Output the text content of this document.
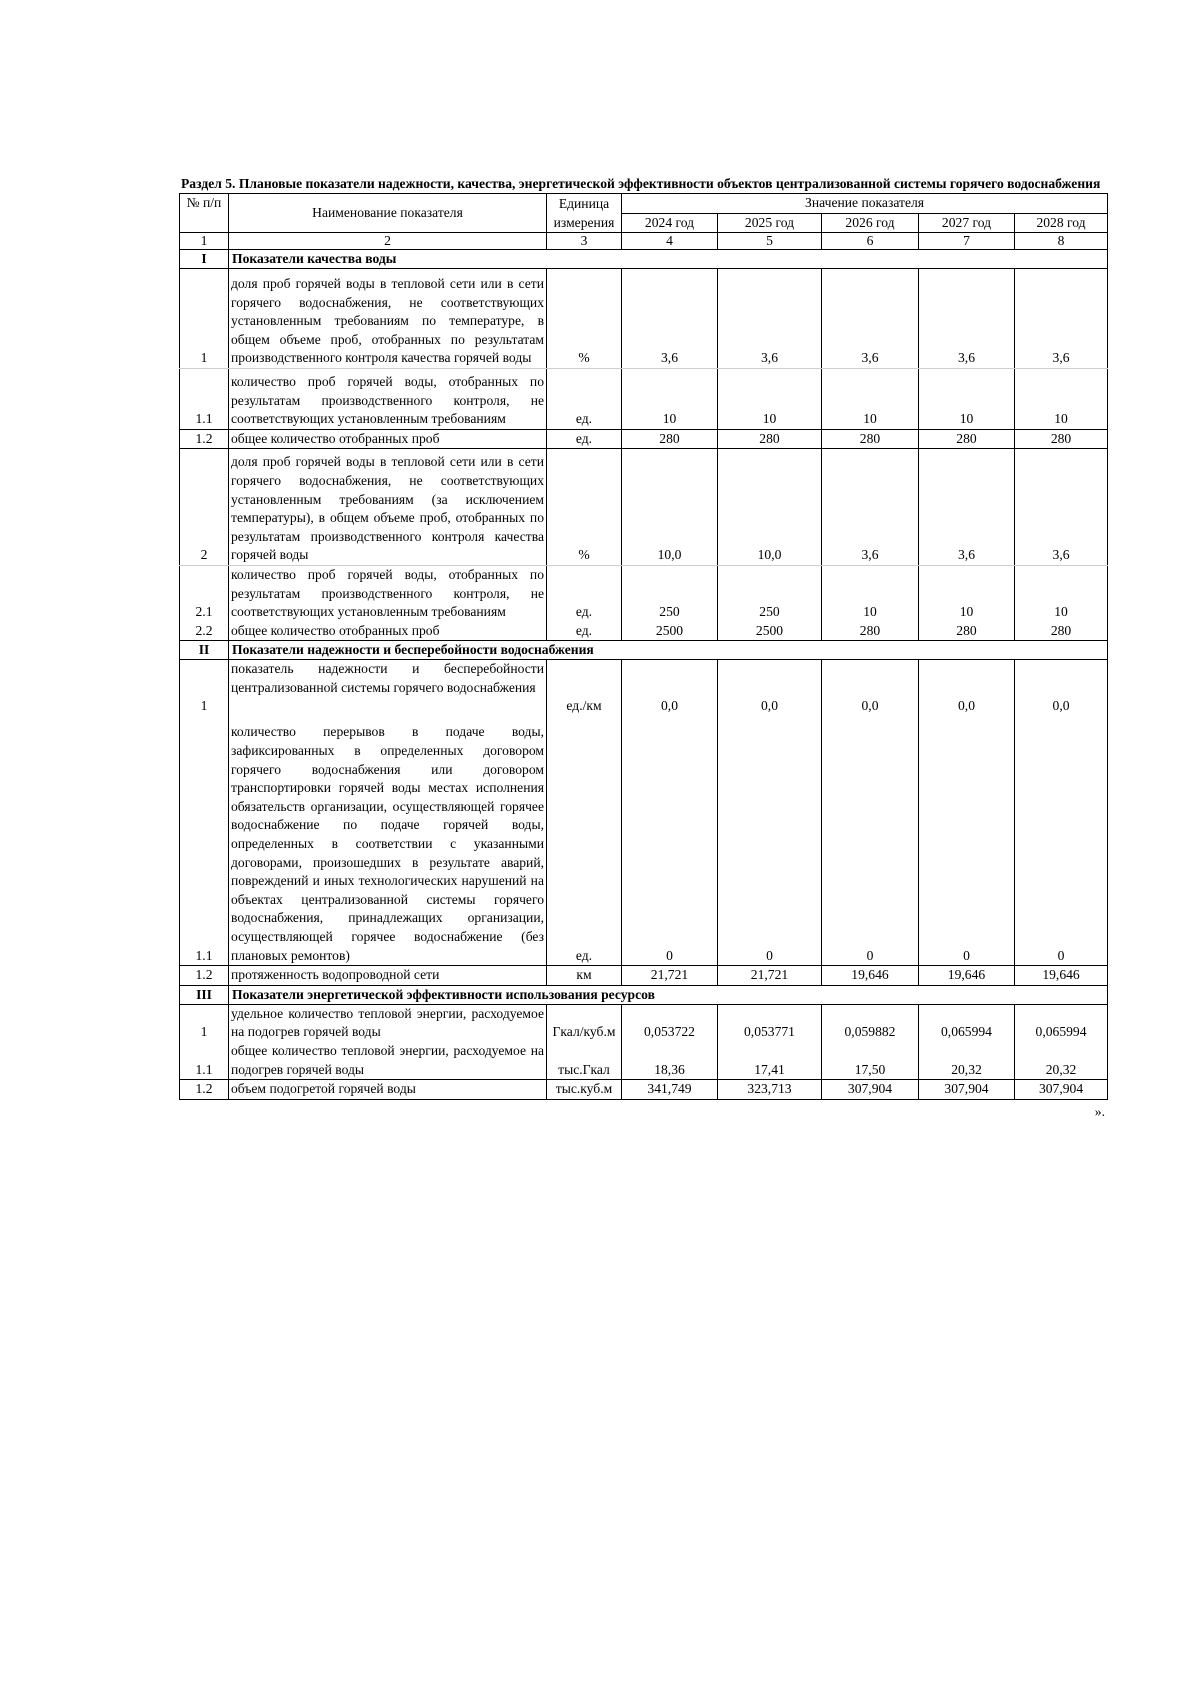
Раздел 5. Плановые показатели надежности, качества, энергетической эффективности объектов централизованной системы горячего водоснабжения
№ п/п	Наименование показателя	Единица измерения	Значение показателя				
			2024 год	2025 год	2026 год	2027 год	2028 год
1	2	3	4	5	6	7	8
I	Показатели качества воды						
1	доля проб горячей воды в тепловой сети или в сети горячего водоснабжения, не соответствующих установленным требованиям по температуре, в общем объеме проб, отобранных по результатам производственного контроля качества горячей воды	%	3,6	3,6	3,6	3,6	3,6
1.1	количество проб горячей воды, отобранных по результатам производственного контроля, не соответствующих установленным требованиям	ед.	10	10	10	10	10
1.2	общее количество отобранных проб	ед.	280	280	280	280	280
2	доля проб горячей воды в тепловой сети или в сети горячего водоснабжения, не соответствующих установленным требованиям (за исключением температуры), в общем объеме проб, отобранных по результатам производственного контроля качества горячей воды	%	10,0	10,0	3,6	3,6	3,6
2.1	количество проб горячей воды, отобранных по результатам производственного контроля, не соответствующих установленным требованиям	ед.	250	250	10	10	10
2.2	общее количество отобранных проб	ед.	2500	2500	280	280	280
II	Показатели надежности и бесперебойности водоснабжения						
1	показатель надежности и бесперебойности централизованной системы горячего водоснабжения	ед./км	0,0	0,0	0,0	0,0	0,0
1.1	количество перерывов в подаче воды, зафиксированных в определенных договором горячего водоснабжения или договором транспортировки горячей воды местах исполнения обязательств организации, осуществляющей горячее водоснабжение по подаче горячей воды, определенных в соответствии с указанными договорами, произошедших в результате аварий, повреждений и иных технологических нарушений на объектах централизованной системы горячего водоснабжения, принадлежащих организации, осуществляющей горячее водоснабжение (без плановых ремонтов)	ед.	0	0	0	0	0
1.2	протяженность водопроводной сети	км	21,721	21,721	19,646	19,646	19,646
III	Показатели энергетической эффективности использования ресурсов						
1	удельное количество тепловой энергии, расходуемое на подогрев горячей воды	Гкал/куб.м	0,053722	0,053771	0,059882	0,065994	0,065994
1.1	общее количество тепловой энергии, расходуемое на подогрев горячей воды	тыс.Гкал	18,36	17,41	17,50	20,32	20,32
1.2	объем подогретой горячей воды	тыс.куб.м	341,749	323,713	307,904	307,904	307,904
».
